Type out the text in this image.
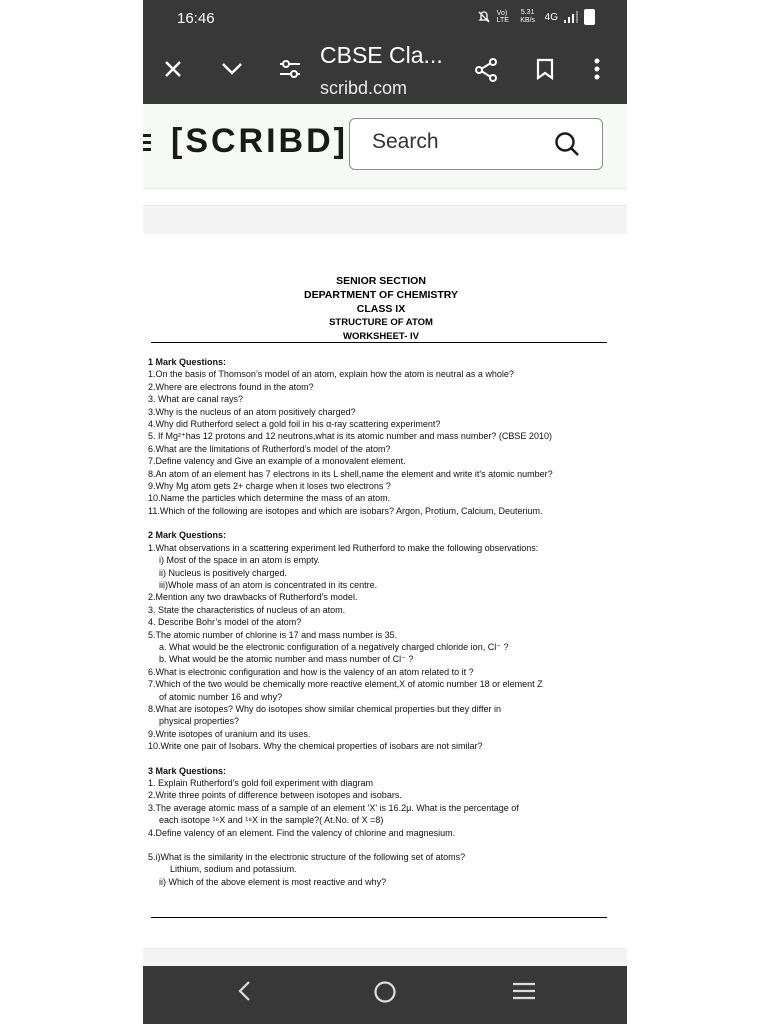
16:46	Vo) LTE
5.31 KB/s 4G
CBSE Cla...
scribd.com
[SCRIBD]
Search
SENIOR SECTION
DEPARTMENT OF CHEMISTRY
CLASS IX
STRUCTURE OF ATOM
WORKSHEET- IV
1 Mark Questions:
1.On the basis of Thomson’s model of an atom, explain how the atom is neutral as a whole?
2.Where are electrons found in the atom?
3. What are canal rays?
3.Why is the nucleus of an atom positively charged?
4.Why did Rutherford select a gold foil in his α-ray scattering experiment?
5. If Mg²⁺has 12 protons and 12 neutrons,what is its atomic number and mass number? (CBSE 2010)
6.What are the limitations of Rutherford’s model of the atom?
7.Define valency and Give an example of a monovalent element.
8.An atom of an element has 7 electrons in its L shell,name the element and write it's atomic number?
9.Why Mg atom gets 2+ charge when it loses two electrons ?
10.Name the particles which determine the mass of an atom.
11.Which of the following are isotopes and which are isobars? Argon, Protium, Calcium, Deuterium.
2 Mark Questions:
1.What observations in a scattering experiment led Rutherford to make the following observations:
i) Most of the space in an atom is empty.
ii) Nucleus is positively charged.
iii)Whole mass of an atom is concentrated in its centre.
2.Mention any two drawbacks of Rutherford’s model.
3. State the characteristics of nucleus of an atom.
4. Describe Bohr’s model of the atom?
5.The atomic number of chlorine is 17 and mass number is 35.
a. What would be the electronic configuration of a negatively charged chloride ion, Cl⁻ ?
b. What would be the atomic number and mass number of Cl⁻ ?
6.What is electronic configuration and how is the valency of an atom related to it ?
7.Which of the two would be chemically more reactive element,X of atomic number 18 or element Z
of atomic number 16 and why?
8.What are isotopes? Why do isotopes show similar chemical properties but they differ in
physical properties?
9.Write isotopes of uranium and its uses.
10.Write one pair of Isobars. Why the chemical properties of isobars are not similar?
3 Mark Questions:
1. Explain Rutherford’s gold foil experiment with diagram
2.Write three points of difference between isotopes and isobars.
3.The average atomic mass of a sample of an element 'X' is 16.2μ. What is the percentage of
each isotope ¹⁶X and ¹⁸X in the sample?( At.No. of X =8)
4.Define valency of an element. Find the valency of chlorine and magnesium.
5.i)What is the similarity in the electronic structure of the following set of atoms?
Lithium, sodium and potassium.
ii) Which of the above element is most reactive and why?
